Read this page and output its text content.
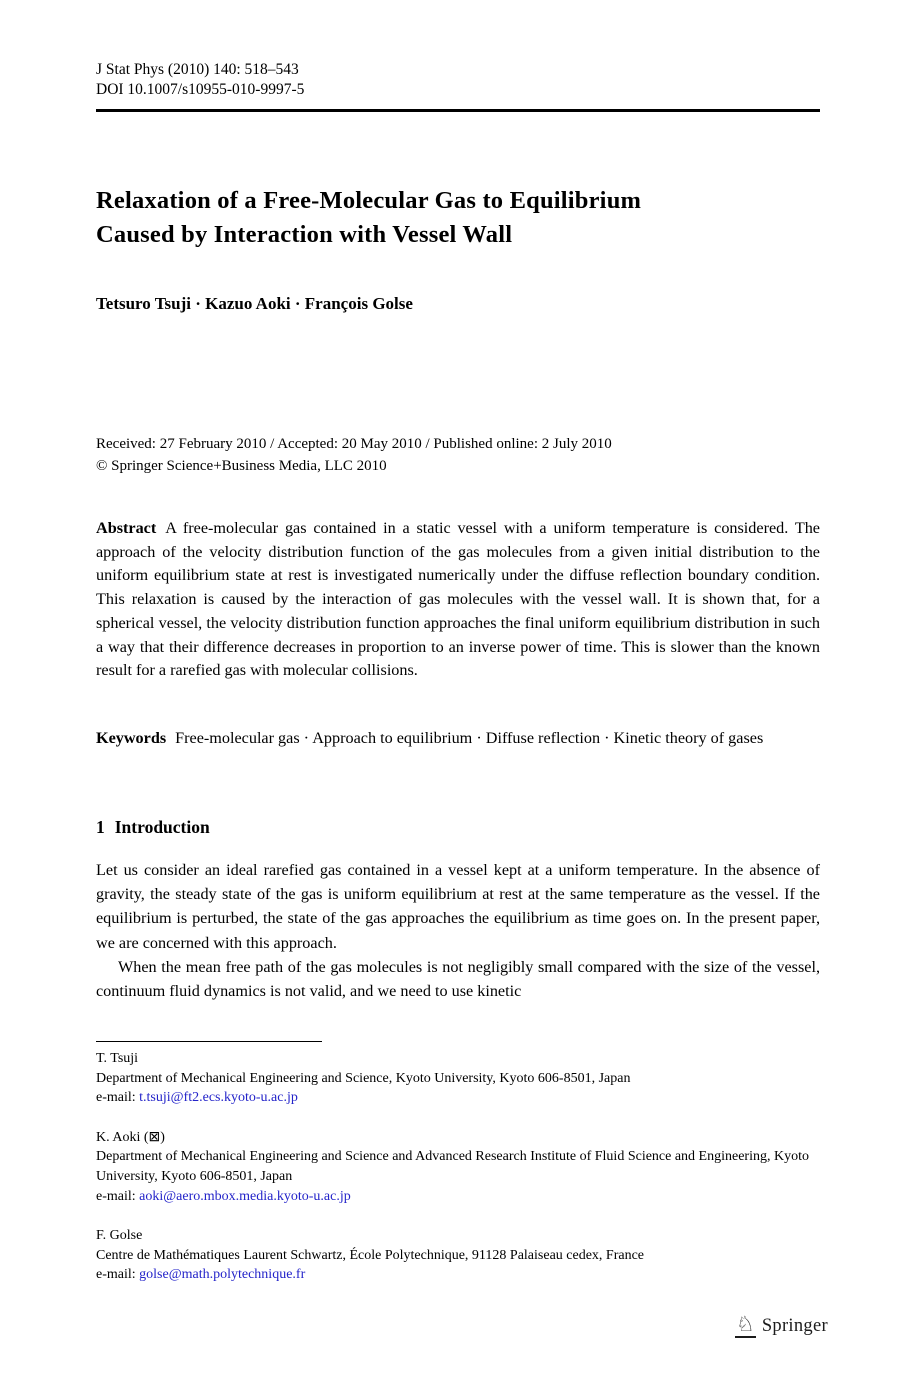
J Stat Phys (2010) 140: 518–543
DOI 10.1007/s10955-010-9997-5
Relaxation of a Free-Molecular Gas to Equilibrium
Caused by Interaction with Vessel Wall
Tetsuro Tsuji · Kazuo Aoki · François Golse
Received: 27 February 2010 / Accepted: 20 May 2010 / Published online: 2 July 2010
© Springer Science+Business Media, LLC 2010
Abstract A free-molecular gas contained in a static vessel with a uniform temperature is considered. The approach of the velocity distribution function of the gas molecules from a given initial distribution to the uniform equilibrium state at rest is investigated numerically under the diffuse reflection boundary condition. This relaxation is caused by the interaction of gas molecules with the vessel wall. It is shown that, for a spherical vessel, the velocity distribution function approaches the final uniform equilibrium distribution in such a way that their difference decreases in proportion to an inverse power of time. This is slower than the known result for a rarefied gas with molecular collisions.
Keywords Free-molecular gas · Approach to equilibrium · Diffuse reflection · Kinetic theory of gases
1 Introduction

Let us consider an ideal rarefied gas contained in a vessel kept at a uniform temperature. In the absence of gravity, the steady state of the gas is uniform equilibrium at rest at the same temperature as the vessel. If the equilibrium is perturbed, the state of the gas approaches the equilibrium as time goes on. In the present paper, we are concerned with this approach.

When the mean free path of the gas molecules is not negligibly small compared with the size of the vessel, continuum fluid dynamics is not valid, and we need to use kinetic

T. Tsuji
Department of Mechanical Engineering and Science, Kyoto University, Kyoto 606-8501, Japan
e-mail: t.tsuji@ft2.ecs.kyoto-u.ac.jp
K. Aoki (⊠)
Department of Mechanical Engineering and Science and Advanced Research Institute of Fluid Science and Engineering, Kyoto University, Kyoto 606-8501, Japan
e-mail: aoki@aero.mbox.media.kyoto-u.ac.jp
F. Golse
Centre de Mathématiques Laurent Schwartz, École Polytechnique, 91128 Palaiseau cedex, France
e-mail: golse@math.polytechnique.fr
♘ Springer
